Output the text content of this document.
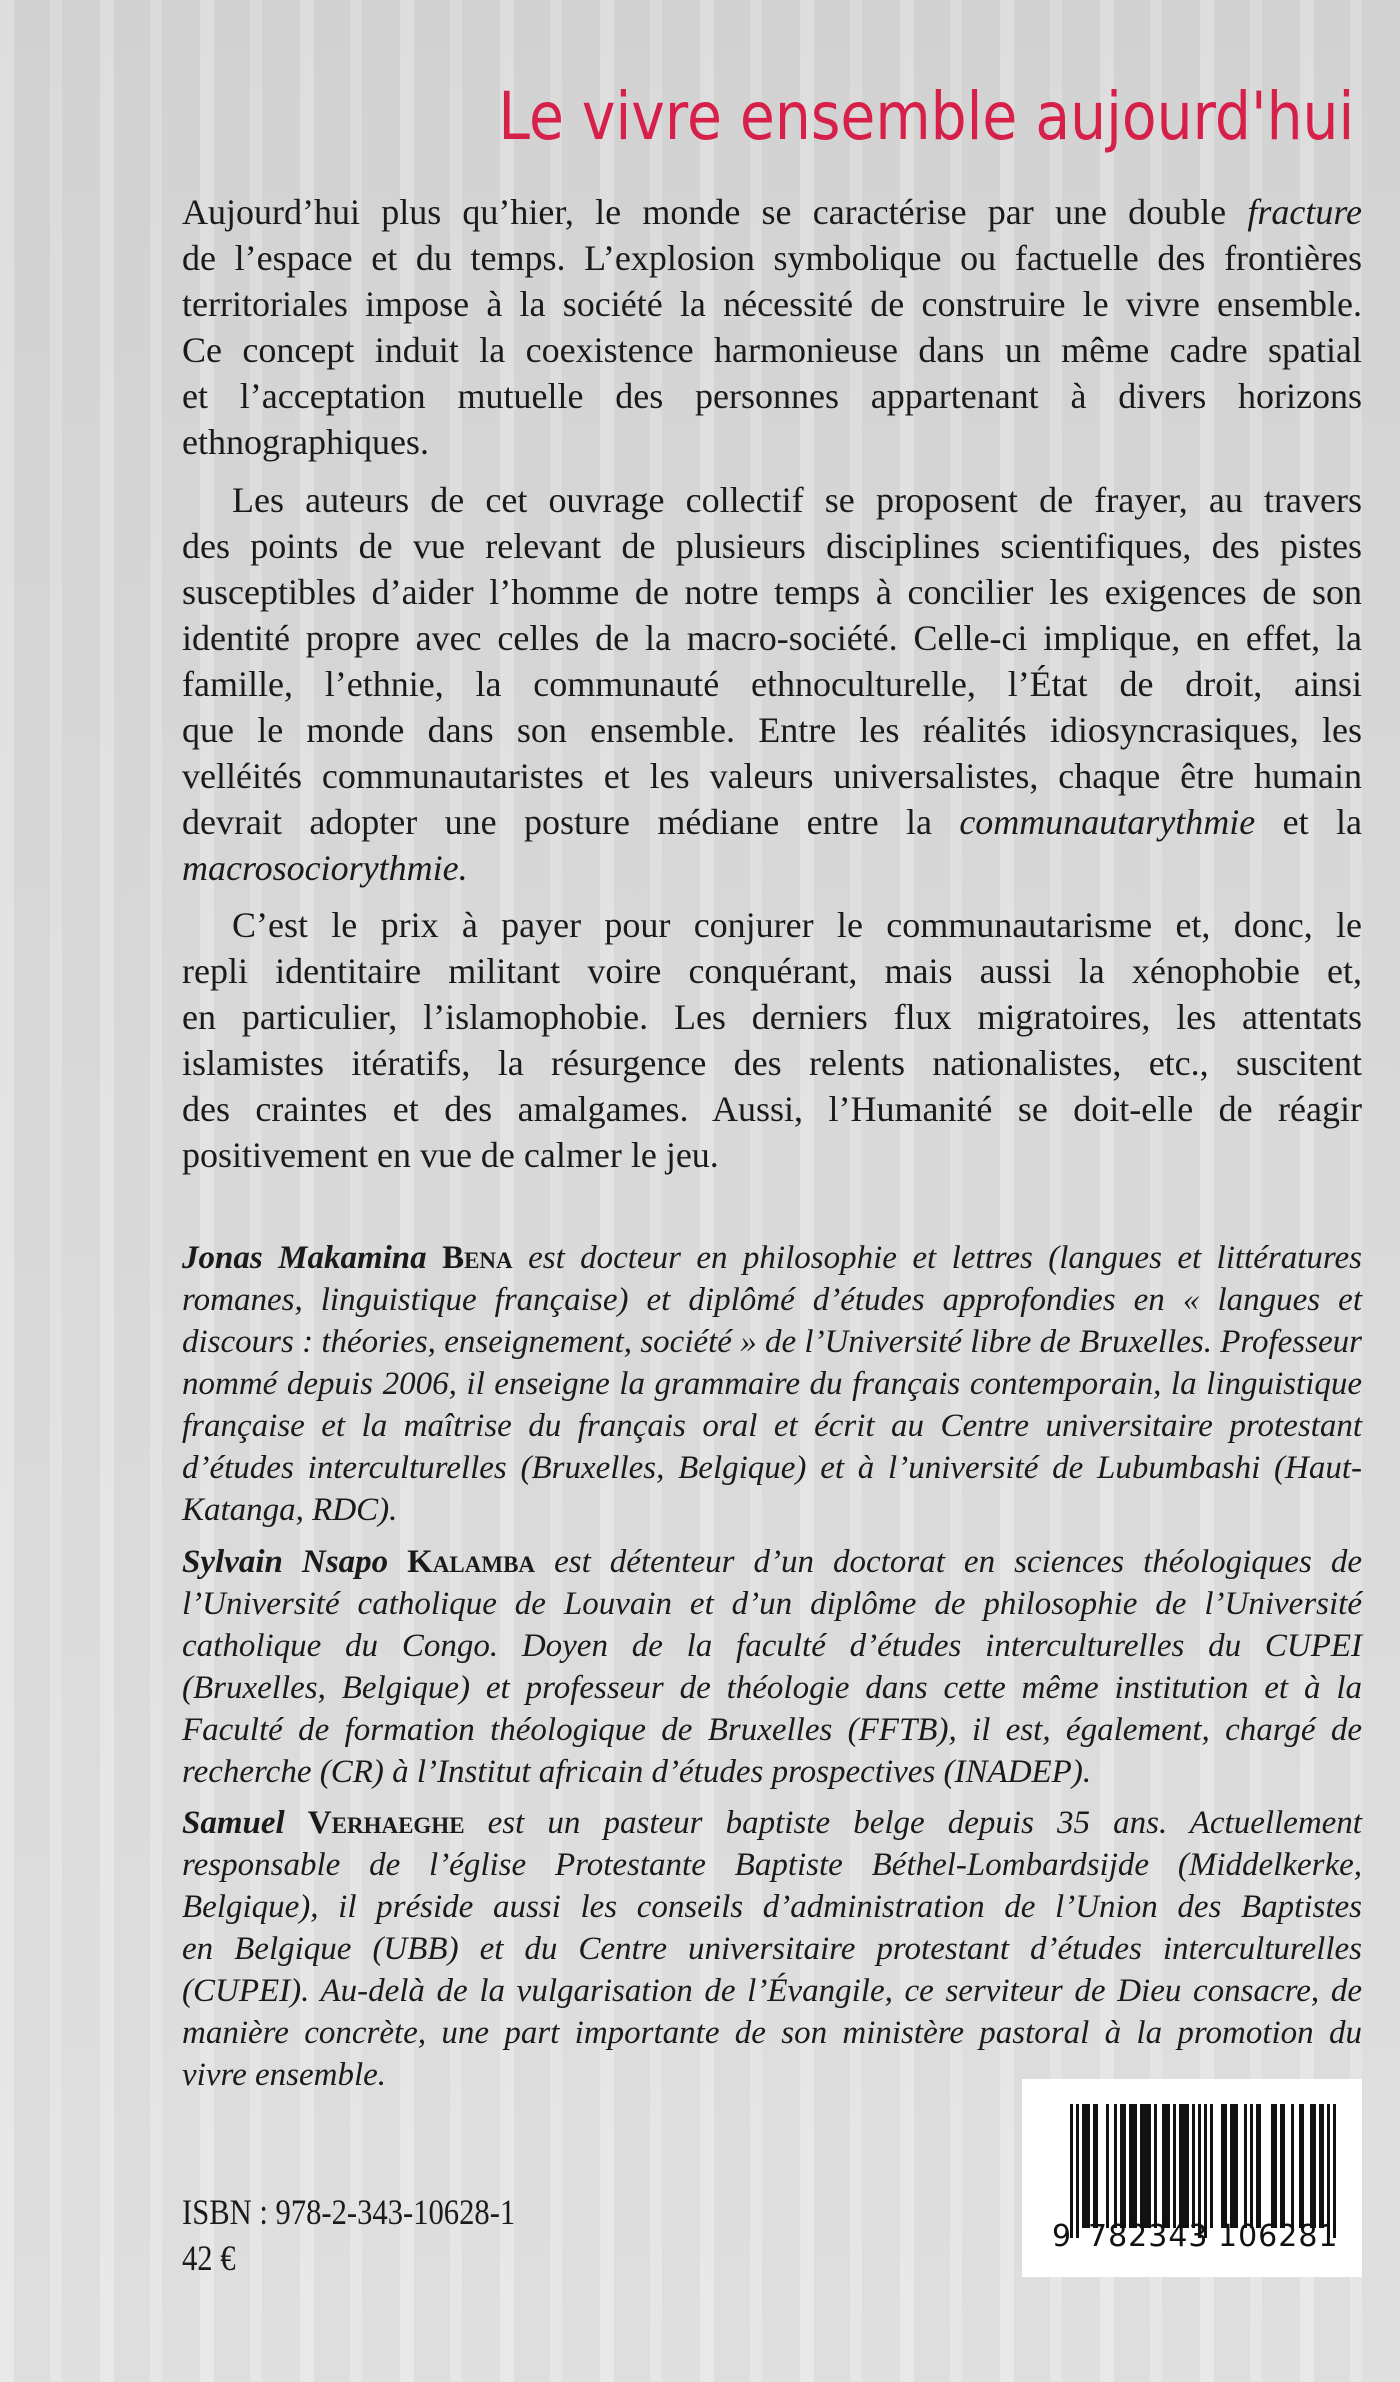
Le vivre ensemble aujourd'hui
Aujourd’hui plus qu’hier, le monde se caractérise par une double fracture
de l’espace et du temps. L’explosion symbolique ou factuelle des frontières
territoriales impose à la société la nécessité de construire le vivre ensemble.
Ce concept induit la coexistence harmonieuse dans un même cadre spatial
et l’acceptation mutuelle des personnes appartenant à divers horizons
ethnographiques.
Les auteurs de cet ouvrage collectif se proposent de frayer, au travers
des points de vue relevant de plusieurs disciplines scientifiques, des pistes
susceptibles d’aider l’homme de notre temps à concilier les exigences de son
identité propre avec celles de la macro-société. Celle-ci implique, en effet, la
famille, l’ethnie, la communauté ethnoculturelle, l’État de droit, ainsi
que le monde dans son ensemble. Entre les réalités idiosyncrasiques, les
velléités communautaristes et les valeurs universalistes, chaque être humain
devrait adopter une posture médiane entre la communautarythmie et la
macrosociorythmie.
C’est le prix à payer pour conjurer le communautarisme et, donc, le
repli identitaire militant voire conquérant, mais aussi la xénophobie et,
en particulier, l’islamophobie. Les derniers flux migratoires, les attentats
islamistes itératifs, la résurgence des relents nationalistes, etc., suscitent
des craintes et des amalgames. Aussi, l’Humanité se doit-elle de réagir
positivement en vue de calmer le jeu.
Jonas Makamina Bena est docteur en philosophie et lettres (langues et littératures
romanes, linguistique française) et diplômé d’études approfondies en « langues et
discours : théories, enseignement, société » de l’Université libre de Bruxelles. Professeur
nommé depuis 2006, il enseigne la grammaire du français contemporain, la linguistique
française et la maîtrise du français oral et écrit au Centre universitaire protestant
d’études interculturelles (Bruxelles, Belgique) et à l’université de Lubumbashi (Haut-
Katanga, RDC).
Sylvain Nsapo Kalamba est détenteur d’un doctorat en sciences théologiques de
l’Université catholique de Louvain et d’un diplôme de philosophie de l’Université
catholique du Congo. Doyen de la faculté d’études interculturelles du CUPEI
(Bruxelles, Belgique) et professeur de théologie dans cette même institution et à la
Faculté de formation théologique de Bruxelles (FFTB), il est, également, chargé de
recherche (CR) à l’Institut africain d’études prospectives (INADEP).
Samuel Verhaeghe est un pasteur baptiste belge depuis 35 ans. Actuellement
responsable de l’église Protestante Baptiste Béthel-Lombardsijde (Middelkerke,
Belgique), il préside aussi les conseils d’administration de l’Union des Baptistes
en Belgique (UBB) et du Centre universitaire protestant d’études interculturelles
(CUPEI). Au-delà de la vulgarisation de l’Évangile, ce serviteur de Dieu consacre, de
manière concrète, une part importante de son ministère pastoral à la promotion du
vivre ensemble.
ISBN : 978-2-343-10628-1
42 €
9 782343 106281
